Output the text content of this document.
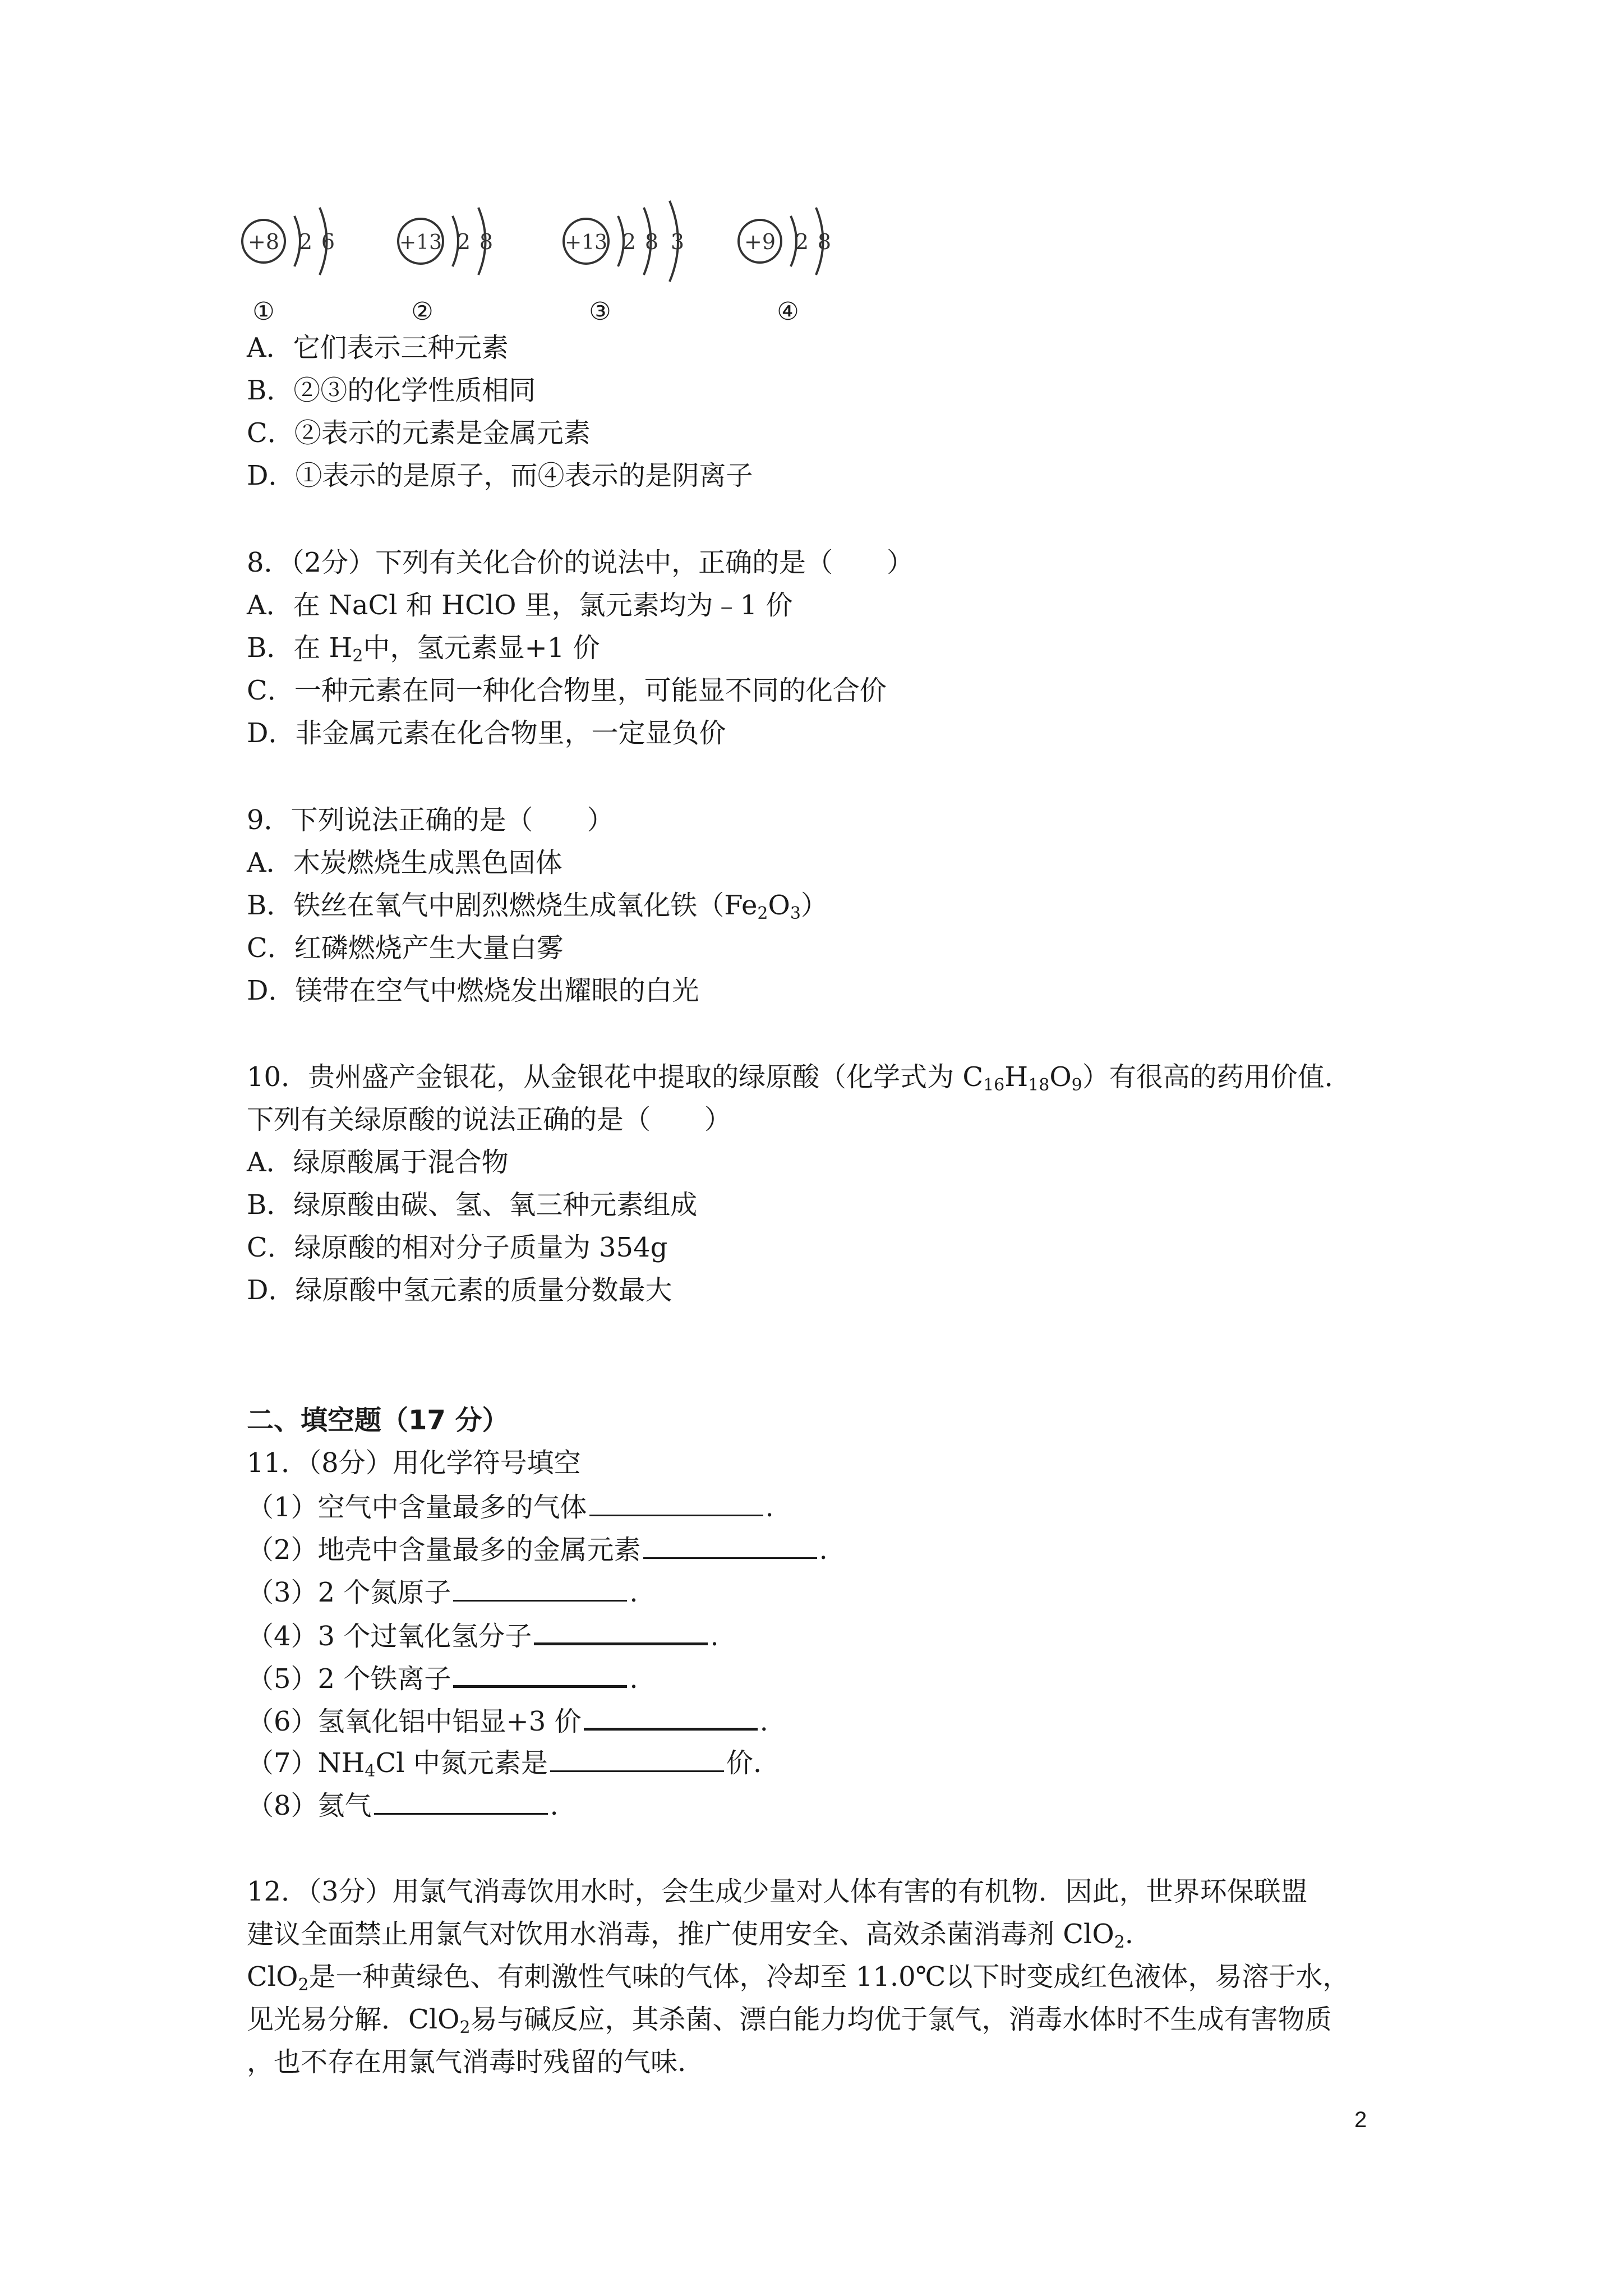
+8 2 6
①
+13 2 8
②
+13 2 8 3
③
+9 2 8
④
A．它们表示三种元素
B．②③的化学性质相同
C．②表示的元素是金属元素
D．①表示的是原子，而④表示的是阴离子
8．（2分）下列有关化合价的说法中，正确的是（　　）
A．在 NaCl 和 HClO 里，氯元素均为﹣1 价
B．在 $H_2$中，氢元素显+1 价
C．一种元素在同一种化合物里，可能显不同的化合价
D．非金属元素在化合物里，一定显负价
9．下列说法正确的是（　　）
A．木炭燃烧生成黑色固体
B．铁丝在氧气中剧烈燃烧生成氧化铁$(Fe_2O_3)$
C．红磷燃烧产生大量白雾
D．镁带在空气中燃烧发出耀眼的白光
10．贵州盛产金银花，从金银花中提取的绿原酸（化学式为 $C_{16}H_{18}O_9$）有很高的药用价值．
下列有关绿原酸的说法正确的是（　　）
A．绿原酸属于混合物
B．绿原酸由碳、氢、氧三种元素组成
C．绿原酸的相对分子质量为 354g
D．绿原酸中氢元素的质量分数最大
二、填空题（17 分）
11．（8分）用化学符号填空
（1）空气中含量最多的气体	.
（2）地壳中含量最多的金属元素	.
（3）2 个氮原子	.
（4）3 个过氧化氢分子	.
（5）2 个铁离子	.
（6）氢氧化铝中铝显+3 价	.
$(7)NH_4Cl$ 中氮元素是	价.
（8）氦气	.
12．（3分）用氯气消毒饮用水时，会生成少量对人体有害的有机物．因此，世界环保联盟
建议全面禁止用氯气对饮用水消毒，推广使用安全、高效杀菌消毒剂 ClO$_2$.
ClO$_2$是一种黄绿色、有刺激性气味的气体，冷却至 11.0℃以下时变成红色液体，易溶于水，
见光易分解．ClO$_2$易与碱反应，其杀菌、漂白能力均优于氯气，消毒水体时不生成有害物质
，也不存在用氯气消毒时残留的气味.
2
